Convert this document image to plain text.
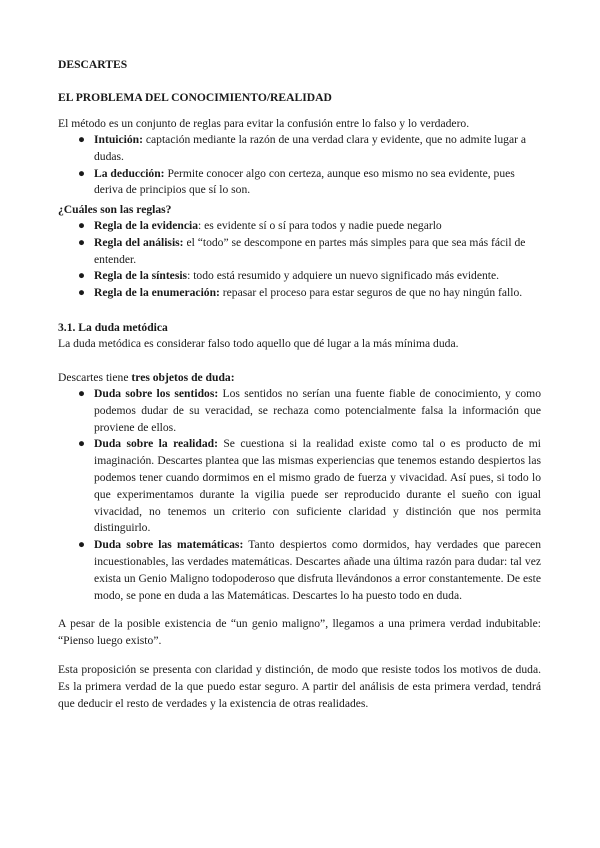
DESCARTES
EL PROBLEMA DEL CONOCIMIENTO/REALIDAD
El método es un conjunto de reglas para evitar la confusión entre lo falso y lo verdadero.
● Intuición: captación mediante la razón de una verdad clara y evidente, que no admite lugar a dudas.
● La deducción: Permite conocer algo con certeza, aunque eso mismo no sea evidente, pues deriva de principios que sí lo son.
¿Cuáles son las reglas?
● Regla de la evidencia: es evidente sí o sí para todos y nadie puede negarlo
● Regla del análisis: el “todo” se descompone en partes más simples para que sea más fácil de entender.
● Regla de la síntesis: todo está resumido y adquiere un nuevo significado más evidente.
● Regla de la enumeración: repasar el proceso para estar seguros de que no hay ningún fallo.
3.1. La duda metódica
La duda metódica es considerar falso todo aquello que dé lugar a la más mínima duda.
Descartes tiene tres objetos de duda:
● Duda sobre los sentidos: Los sentidos no serían una fuente fiable de conocimiento, y como podemos dudar de su veracidad, se rechaza como potencialmente falsa la información que proviene de ellos.
● Duda sobre la realidad: Se cuestiona si la realidad existe como tal o es producto de mi imaginación. Descartes plantea que las mismas experiencias que tenemos estando despiertos las podemos tener cuando dormimos en el mismo grado de fuerza y vivacidad. Así pues, si todo lo que experimentamos durante la vigilia puede ser reproducido durante el sueño con igual vivacidad, no tenemos un criterio con suficiente claridad y distinción que nos permita distinguirlo.
● Duda sobre las matemáticas: Tanto despiertos como dormidos, hay verdades que parecen incuestionables, las verdades matemáticas. Descartes añade una última razón para dudar: tal vez exista un Genio Maligno todopoderoso que disfruta llevándonos a error constantemente. De este modo, se pone en duda a las Matemáticas. Descartes lo ha puesto todo en duda.
A pesar de la posible existencia de “un genio maligno”, llegamos a una primera verdad indubitable: “Pienso luego existo”.
Esta proposición se presenta con claridad y distinción, de modo que resiste todos los motivos de duda. Es la primera verdad de la que puedo estar seguro. A partir del análisis de esta primera verdad, tendrá que deducir el resto de verdades y la existencia de otras realidades.
